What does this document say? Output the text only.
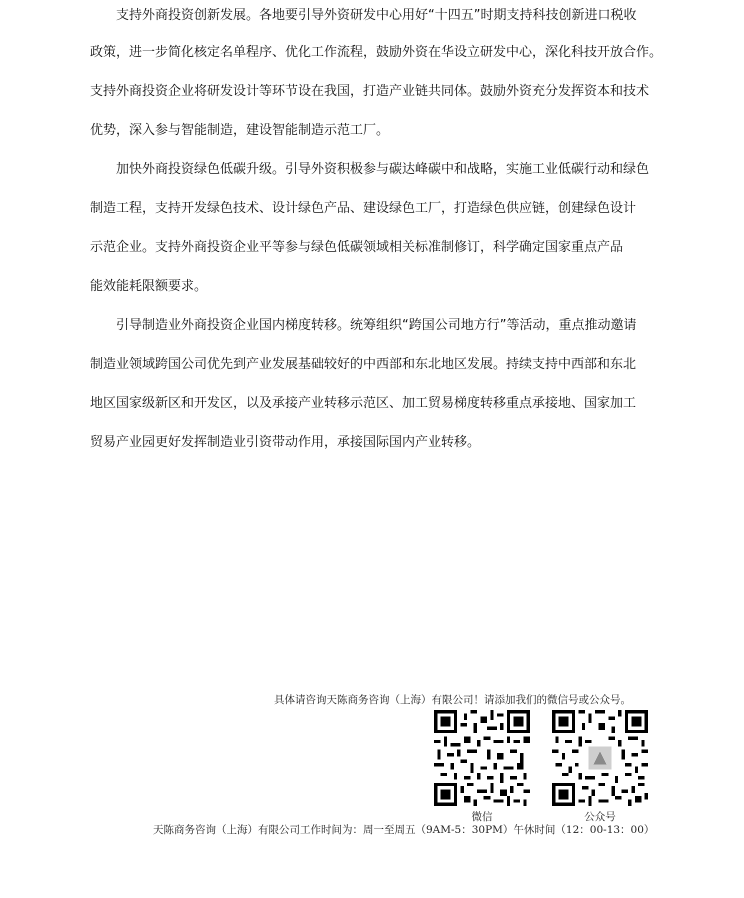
支持外商投资创新发展。各地要引导外资研发中心用好“十四五”时期支持科技创新进口税收
政策，进一步简化核定名单程序、优化工作流程，鼓励外资在华设立研发中心，深化科技开放合作。
支持外商投资企业将研发设计等环节设在我国，打造产业链共同体。鼓励外资充分发挥资本和技术
优势，深入参与智能制造，建设智能制造示范工厂。
加快外商投资绿色低碳升级。引导外资积极参与碳达峰碳中和战略，实施工业低碳行动和绿色
制造工程，支持开发绿色技术、设计绿色产品、建设绿色工厂，打造绿色供应链，创建绿色设计
示范企业。支持外商投资企业平等参与绿色低碳领域相关标准制修订，科学确定国家重点产品
能效能耗限额要求。
引导制造业外商投资企业国内梯度转移。统筹组织“跨国公司地方行”等活动，重点推动邀请
制造业领域跨国公司优先到产业发展基础较好的中西部和东北地区发展。持续支持中西部和东北
地区国家级新区和开发区，以及承接产业转移示范区、加工贸易梯度转移重点承接地、国家加工
贸易产业园更好发挥制造业引资带动作用，承接国际国内产业转移。
具体请咨询天陈商务咨询（上海）有限公司！请添加我们的微信号或公众号。
微信	公众号
天陈商务咨询（上海）有限公司工作时间为：周一至周五（9AM-5：30PM）午休时间（12：00-13：00）
